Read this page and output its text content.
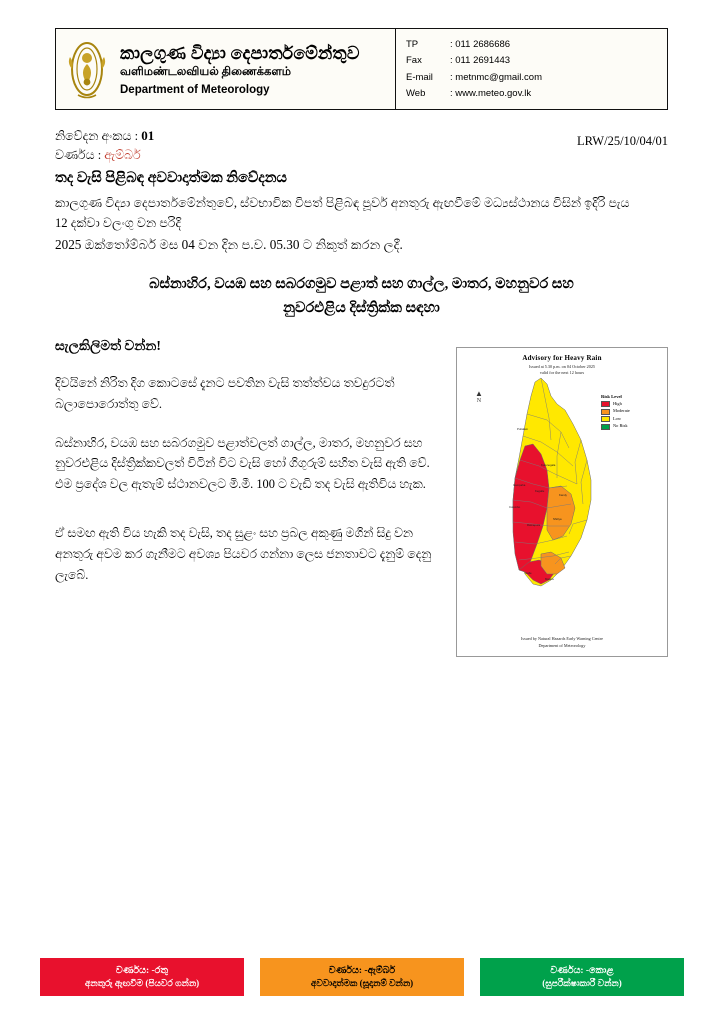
කාලගුණ විද්‍යා දෙපාර්තමේන්තුව
வளிமண்டலவியல் திணைக்களம்
Department of Meteorology
TP	: 011 2686686
Fax	: 011 2691443
E-mail	: metnmc@gmail.com
Web	: www.meteo.gov.lk
නිවේදන අංකය : 01
වර්ණය : ඇම්බර්
LRW/25/10/04/01
තද වැසි පිළිබඳ අවවාදාත්මක නිවේදනය
කාලගුණ විද්‍යා දෙපාර්තමේන්තුවේ, ස්වභාවික විපත් පිළිබඳ පූර්ව අනතුරු ඇඟවීමේ මධ්‍යස්ථානය විසින් ඉදිරි පැය 12 දක්වා වලංගු වන පරිදි
2025 ඔක්තෝම්බර් මස 04 වන දින ප.ව. 05.30 ට නිකුත් කරන ලදී.
බස්නාහිර, වයඹ සහ සබරගමුව පළාත් සහ ගාල්ල, මාතර, මහනුවර සහ
නුවරඑළිය දිස්ත්‍රික්ක සඳහා
සැලකිලිමත් වන්න!

දිවයිනේ නිරිත දිග කොටසේ දැනට පවතින වැසි තත්ත්වය තවදුරටත් බලාපොරොත්තු වේ.

බස්නාහිර, වයඹ සහ සබරගමුව පළාත්වලත් ගාල්ල, මාතර, මහනුවර සහ නුවරඑළිය දිස්ත්‍රික්කවලත් විටින් විට වැසි හෝ ගිගුරුම් සහිත වැසි ඇති වේ. එම ප්‍රදේශ වල ඇතැම් ස්ථානවලට මි.මී. 100 ට වැඩි තද වැසි ඇතිවිය හැක.

ඒ සමඟ ඇති විය හැකි තද වැසි, තද සුළං සහ ප්‍රබල අකුණු මගින් සිදු වන අනතුරු අවම කර ගැනීමට අවශ්‍ය පියවර ගන්නා ලෙස ජනතාවට දැනුම් දෙනු ලැබේ.

Advisory for Heavy Rain
Issued at 5.30 p.m. on 04 October 2025
valid for the next 12 hours
▲
N
Risk Level
High
Moderate
Low
No Risk
Puttalam
Kurunegala
Gampaha
Colombo
Kandy
N'Eliya
Kegalle
Ratnapura
Galle
Matara
Issued by Natural Hazards Early Warning Centre
Department of Meteorology
වර්ණය: -රතු
අනතුරු ඇඟවීම (පියවර ගන්න)
වර්ණය: -ඇම්බර්
අවවාදාත්මක (සූදානම් වන්න)
වර්ණය: -කොළ
(සුපරීක්ෂාකාරී වන්න)
